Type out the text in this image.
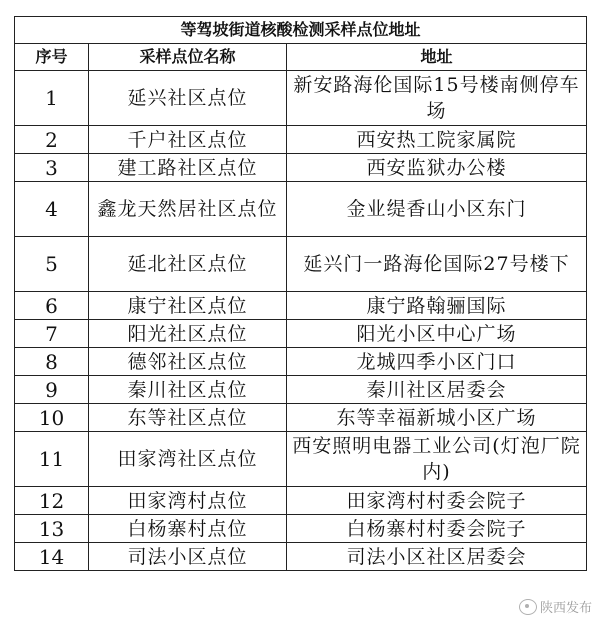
等驾坡街道核酸检测采样点位地址		
序号	采样点位名称	地址
1	延兴社区点位	新安路海伦国际15号楼南侧停车场
2	千户社区点位	西安热工院家属院
3	建工路社区点位	西安监狱办公楼
4	鑫龙天然居社区点位	金业缇香山小区东门
5	延北社区点位	延兴门一路海伦国际27号楼下
6	康宁社区点位	康宁路翰骊国际
7	阳光社区点位	阳光小区中心广场
8	德邻社区点位	龙城四季小区门口
9	秦川社区点位	秦川社区居委会
10	东等社区点位	东等幸福新城小区广场
11	田家湾社区点位	西安照明电器工业公司(灯泡厂院内)
12	田家湾村点位	田家湾村村委会院子
13	白杨寨村点位	白杨寨村村委会院子
14	司法小区点位	司法小区社区居委会
陕西发布
